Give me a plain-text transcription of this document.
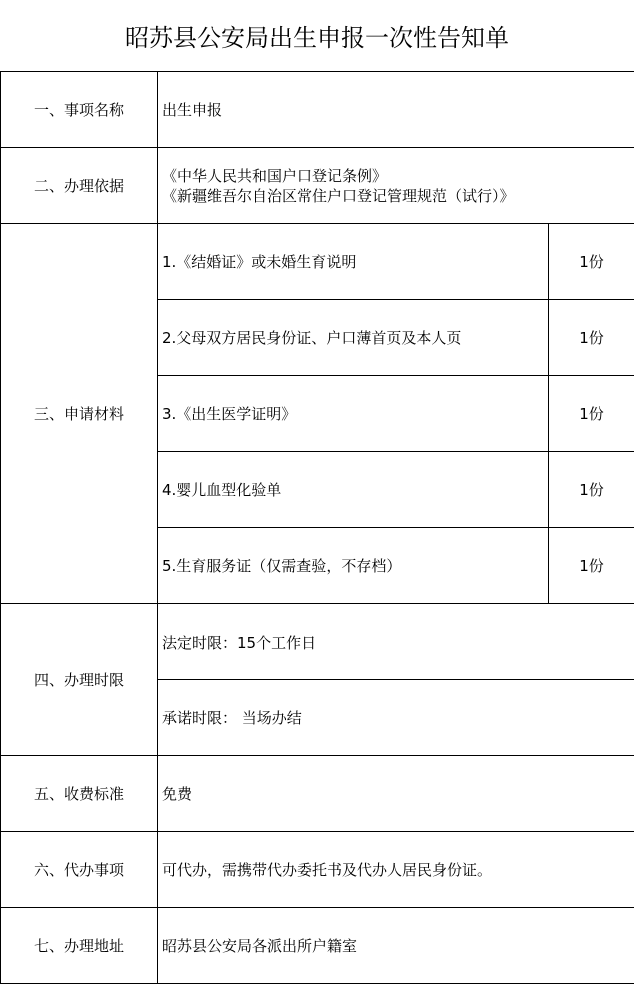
昭苏县公安局出生申报一次性告知单
一、事项名称	出生申报	
二、办理依据	《中华人民共和国户口登记条例》
《新疆维吾尔自治区常住户口登记管理规范（试行）》	

三、申请材料	1.《结婚证》或未婚生育说明	1份
	2.父母双方居民身份证、户口薄首页及本人页	1份
	3.《出生医学证明》	1份
	4.婴儿血型化验单	1份
	5.生育服务证（仅需查验，不存档）	1份
四、办理时限	法定时限：15个工作日	
	承诺时限： 当场办结	
五、收费标准	免费	
六、代办事项	可代办，需携带代办委托书及代办人居民身份证。	
七、办理地址	昭苏县公安局各派出所户籍室	
